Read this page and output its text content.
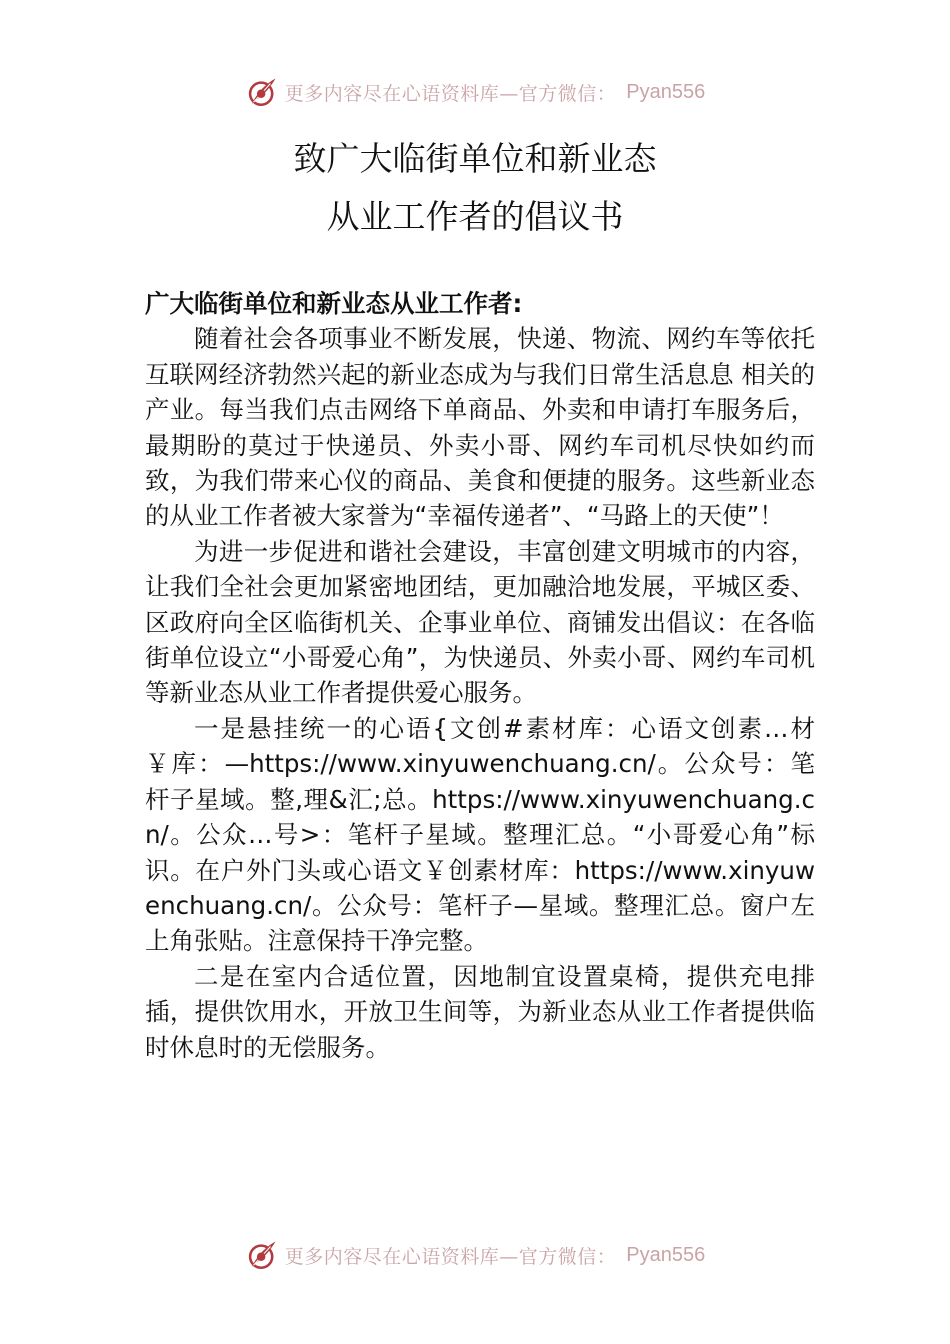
更多内容尽在心语资料库—官方微信： Pyan556
致广大临街单位和新业态
从业工作者的倡议书

广大临街单位和新业态从业工作者:

随着社会各项事业不断发展，快递、物流、网约车等依托互联网经济勃然兴起的新业态成为与我们日常生活息息 相关的产业。每当我们点击网络下单商品、外卖和申请打车服务后，最期盼的莫过于快递员、外卖小哥、网约车司机尽快如约而致，为我们带来心仪的商品、美食和便捷的服务。这些新业态的从业工作者被大家誉为“幸福传递者”、“马路上的天使”！

为进一步促进和谐社会建设，丰富创建文明城市的内容，让我们全社会更加紧密地团结，更加融洽地发展，平城区委、区政府向全区临街机关、企事业单位、商铺发出倡议：在各临街单位设立“小哥爱心角”，为快递员、外卖小哥、网约车司机等新业态从业工作者提供爱心服务。

一是悬挂统一的心语{文创#素材库：心语文创素…材￥库：—https://www.xinyuwenchuang.cn/。公众号：笔杆子星域。整,理&汇;总。https://www.xinyuwenchuang.cn/。公众…号>：笔杆子星域。整理汇总。“小哥爱心角”标识。在户外门头或心语文￥创素材库：https://www.xinyuwenchuang.cn/。公众号：笔杆子—星域。整理汇总。窗户左上角张贴。注意保持干净完整。

二是在室内合适位置，因地制宜设置桌椅，提供充电排插，提供饮用水，开放卫生间等，为新业态从业工作者提供临时休息时的无偿服务。

更多内容尽在心语资料库—官方微信： Pyan556
